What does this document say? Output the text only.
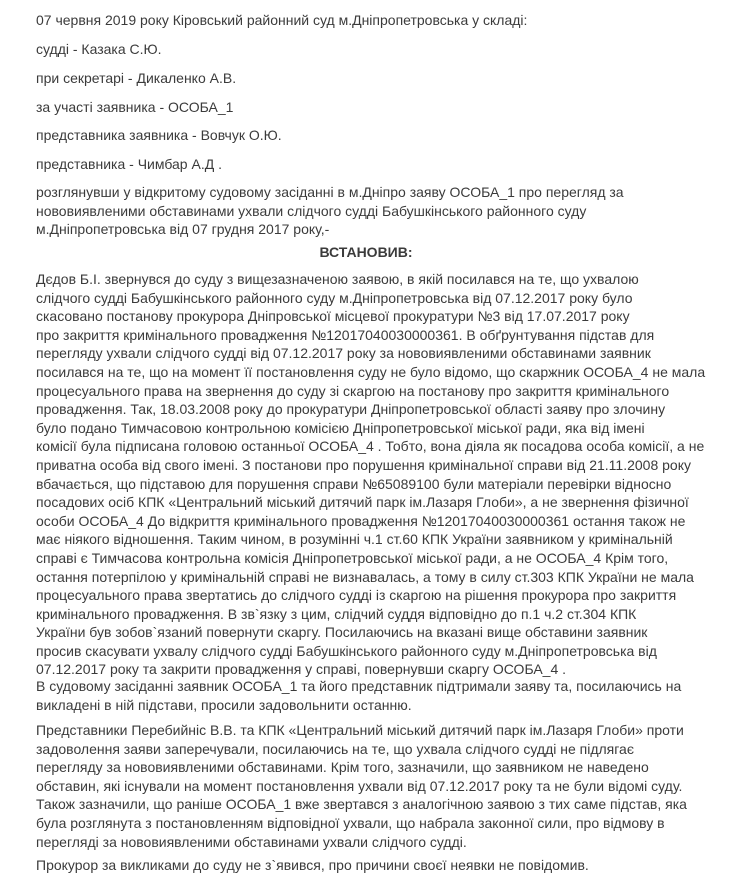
07 червня 2019 року Кіровський районний суд м.Дніпропетровська у складі:

судді - Казака С.Ю.

при секретарі - Дикаленко А.В.

за участі заявника - ОСОБА_1

представника заявника - Вовчук О.Ю.

представника - Чимбар А.Д .

розглянувши у відкритому судовому засіданні в м.Дніпро заяву ОСОБА_1 про перегляд за
нововиявленими обставинами ухвали слідчого судді Бабушкінського районного суду
м.Дніпропетровська від 07 грудня 2017 року,-

ВСТАНОВИВ:

Дєдов Б.І. звернувся до суду з вищезазначеною заявою, в якій посилався на те, що ухвалою
слідчого судді Бабушкінського районного суду м.Дніпропетровська від 07.12.2017 року було
скасовано постанову прокурора Дніпровської місцевої прокуратури №3 від 17.07.2017 року
про закриття кримінального провадження №12017040030000361. В обґрунтування підстав для
перегляду ухвали слідчого судді від 07.12.2017 року за нововиявленими обставинами заявник
посилався на те, що на момент її постановлення суду не було відомо, що скаржник ОСОБА_4 не мала
процесуального права на звернення до суду зі скаргою на постанову про закриття кримінального
провадження. Так, 18.03.2008 року до прокуратури Дніпропетровської області заяву про злочину
було подано Тимчасовою контрольною комісією Дніпропетровської міської ради, яка від імені
комісії була підписана головою останньої ОСОБА_4 . Тобто, вона діяла як посадова особа комісії, а не
приватна особа від свого імені. З постанови про порушення кримінальної справи від 21.11.2008 року
вбачається, що підставою для порушення справи №65089100 були матеріали перевірки відносно
посадових осіб КПК «Центральний міський дитячий парк ім.Лазаря Глоби», а не звернення фізичної
особи ОСОБА_4 До відкриття кримінального провадження №12017040030000361 остання також не
має ніякого відношення. Таким чином, в розумінні ч.1 ст.60 КПК України заявником у кримінальній
справі є Тимчасова контрольна комісія Дніпропетровської міської ради, а не ОСОБА_4 Крім того,
остання потерпілою у кримінальній справі не визнавалась, а тому в силу ст.303 КПК України не мала
процесуального права звертатись до слідчого судді із скаргою на рішення прокурора про закриття
кримінального провадження. В зв`язку з цим, слідчий суддя відповідно до п.1 ч.2 ст.304 КПК
України був зобов`язаний повернути скаргу. Посилаючись на вказані вище обставини заявник
просив скасувати ухвалу слідчого судді Бабушкінського районного суду м.Дніпропетровська від
07.12.2017 року та закрити провадження у справі, повернувши скаргу ОСОБА_4 .
В судовому засіданні заявник ОСОБА_1 та його представник підтримали заяву та, посилаючись на
викладені в ній підстави, просили задовольнити останню.
Представники Перебийніс В.В. та КПК «Центральний міський дитячий парк ім.Лазаря Глоби» проти
задоволення заяви заперечували, посилаючись на те, що ухвала слідчого судді не підлягає
перегляду за нововиявленими обставинами. Крім того, зазначили, що заявником не наведено
обставин, які існували на момент постановлення ухвали від 07.12.2017 року та не були відомі суду.
Також зазначили, що раніше ОСОБА_1 вже звертався з аналогічною заявою з тих саме підстав, яка
була розглянута з постановленням відповідної ухвали, що набрала законної сили, про відмову в
перегляді за нововиявленими обставинами ухвали слідчого судді.
Прокурор за викликами до суду не з`явився, про причини своєї неявки не повідомив.
